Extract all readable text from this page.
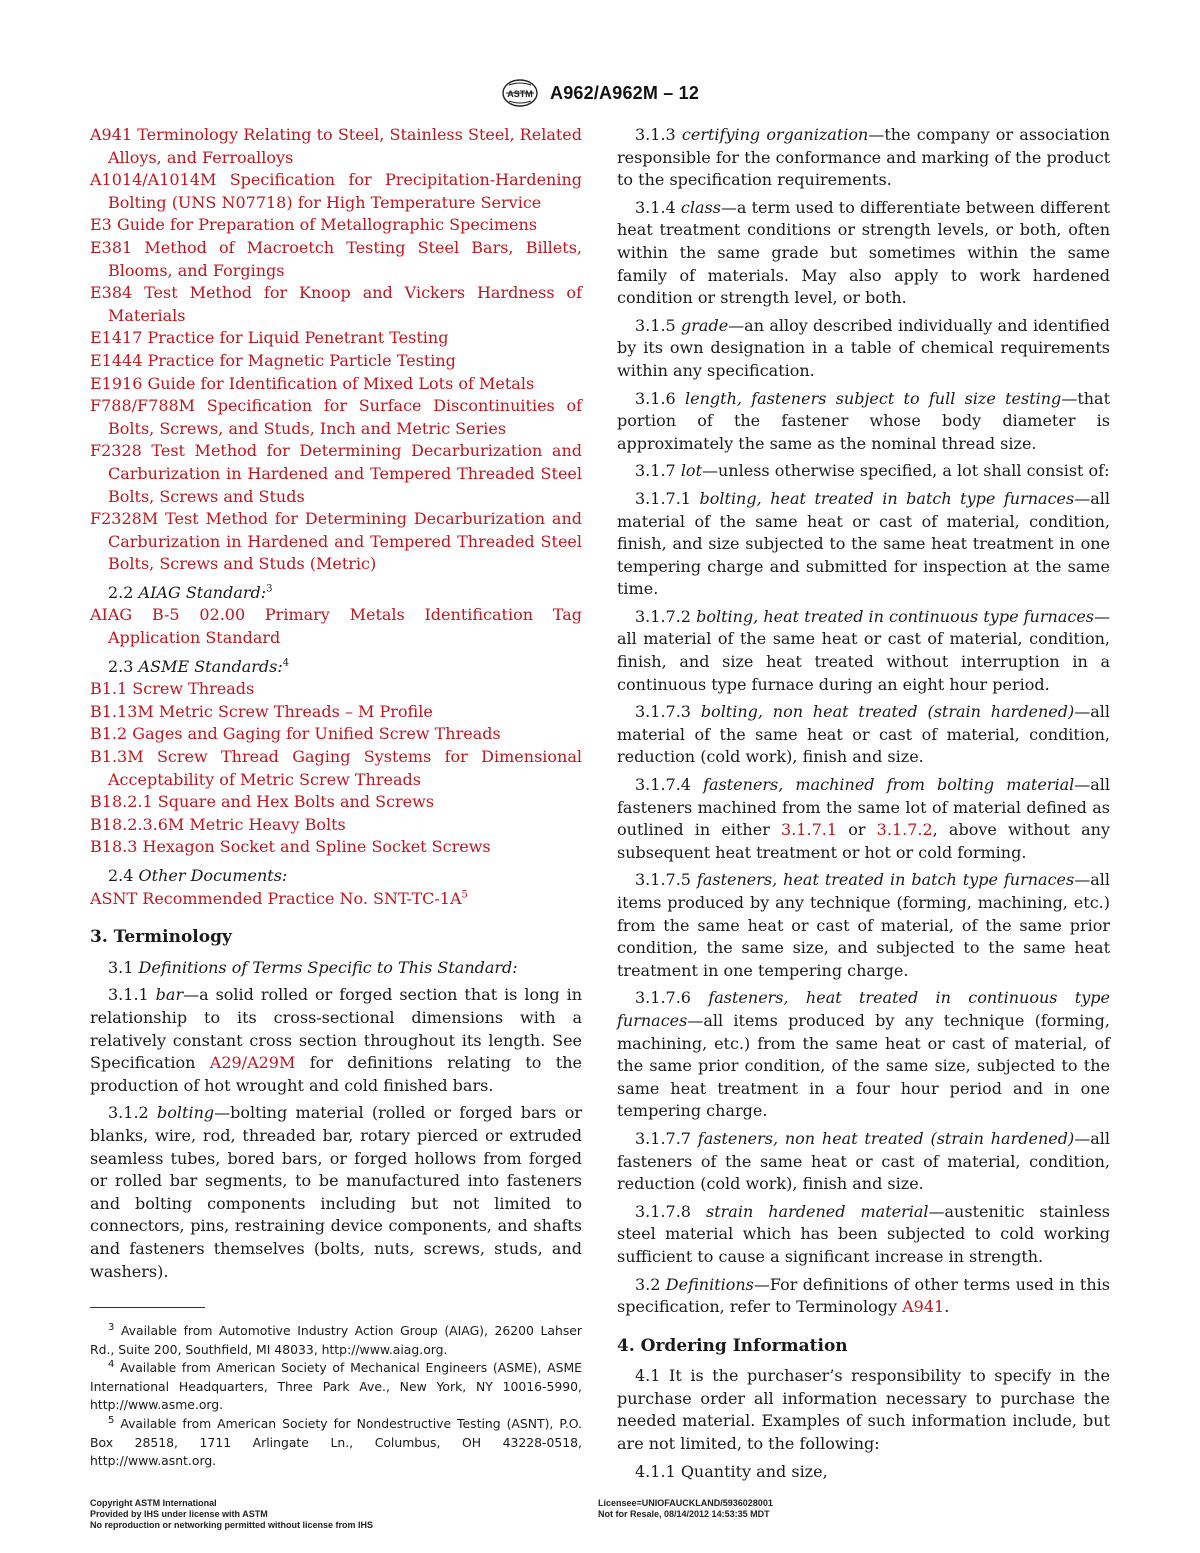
ASTM A962/A962M – 12
A941 Terminology Relating to Steel, Stainless Steel, Related Alloys, and Ferroalloys
A1014/A1014M Specification for Precipitation-Hardening Bolting (UNS N07718) for High Temperature Service
E3 Guide for Preparation of Metallographic Specimens
E381 Method of Macroetch Testing Steel Bars, Billets, Blooms, and Forgings
E384 Test Method for Knoop and Vickers Hardness of Materials
E1417 Practice for Liquid Penetrant Testing
E1444 Practice for Magnetic Particle Testing
E1916 Guide for Identification of Mixed Lots of Metals
F788/F788M Specification for Surface Discontinuities of Bolts, Screws, and Studs, Inch and Metric Series
F2328 Test Method for Determining Decarburization and Carburization in Hardened and Tempered Threaded Steel Bolts, Screws and Studs
F2328M Test Method for Determining Decarburization and Carburization in Hardened and Tempered Threaded Steel Bolts, Screws and Studs (Metric)
2.2 AIAG Standard:$^3$
AIAG B-5 02.00 Primary Metals Identification Tag Application Standard
2.3 ASME Standards:$^4$
B1.1 Screw Threads
B1.13M Metric Screw Threads – M Profile
B1.2 Gages and Gaging for Unified Screw Threads
B1.3M Screw Thread Gaging Systems for Dimensional Acceptability of Metric Screw Threads
B18.2.1 Square and Hex Bolts and Screws
B18.2.3.6M Metric Heavy Bolts
B18.3 Hexagon Socket and Spline Socket Screws
2.4 Other Documents:
ASNT Recommended Practice No. SNT-$TC-1A^5$
3. Terminology
3.1 Definitions of Terms Specific to This Standard:
3.1.1 bar—a solid rolled or forged section that is long in relationship to its cross-sectional dimensions with a relatively constant cross section throughout its length. See Specification A29/A29M for definitions relating to the production of hot wrought and cold finished bars.
3.1.2 bolting—bolting material (rolled or forged bars or blanks, wire, rod, threaded bar, rotary pierced or extruded seamless tubes, bored bars, or forged hollows from forged or rolled bar segments, to be manufactured into fasteners and bolting components including but not limited to connectors, pins, restraining device components, and shafts and fasteners themselves (bolts, nuts, screws, studs, and washers).
$^3$ Available from Automotive Industry Action Group (AIAG), 26200 Lahser Rd., Suite 200, Southfield, MI 48033, http://www.aiag.org.
$^4$ Available from American Society of Mechanical Engineers (ASME), ASME International Headquarters, Three Park Ave., New York, NY 10016-5990, http://www.asme.org.
$^5$ Available from American Society for Nondestructive Testing (ASNT), P.O. Box 28518, 1711 Arlingate Ln., Columbus, OH 43228-0518, http://www.asnt.org.
3.1.3 certifying organization—the company or association responsible for the conformance and marking of the product to the specification requirements.
3.1.4 class—a term used to differentiate between different heat treatment conditions or strength levels, or both, often within the same grade but sometimes within the same family of materials. May also apply to work hardened condition or strength level, or both.
3.1.5 grade—an alloy described individually and identified by its own designation in a table of chemical requirements within any specification.
3.1.6 length, fasteners subject to full size testing—that portion of the fastener whose body diameter is approximately the same as the nominal thread size.
3.1.7 lot—unless otherwise specified, a lot shall consist of:
3.1.7.1 bolting, heat treated in batch type furnaces—all material of the same heat or cast of material, condition, finish, and size subjected to the same heat treatment in one tempering charge and submitted for inspection at the same time.
3.1.7.2 bolting, heat treated in continuous type furnaces—all material of the same heat or cast of material, condition, finish, and size heat treated without interruption in a continuous type furnace during an eight hour period.
3.1.7.3 bolting, non heat treated (strain hardened)—all material of the same heat or cast of material, condition, reduction (cold work), finish and size.
3.1.7.4 fasteners, machined from bolting material—all fasteners machined from the same lot of material defined as outlined in either 3.1.7.1 or 3.1.7.2, above without any subsequent heat treatment or hot or cold forming.
3.1.7.5 fasteners, heat treated in batch type furnaces—all items produced by any technique (forming, machining, etc.) from the same heat or cast of material, of the same prior condition, the same size, and subjected to the same heat treatment in one tempering charge.
3.1.7.6 fasteners, heat treated in continuous type furnaces—all items produced by any technique (forming, machining, etc.) from the same heat or cast of material, of the same prior condition, of the same size, subjected to the same heat treatment in a four hour period and in one tempering charge.
3.1.7.7 fasteners, non heat treated (strain hardened)—all fasteners of the same heat or cast of material, condition, reduction (cold work), finish and size.
3.1.7.8 strain hardened material—austenitic stainless steel material which has been subjected to cold working sufficient to cause a significant increase in strength.
3.2 Definitions—For definitions of other terms used in this specification, refer to Terminology A941.
4. Ordering Information
4.1 It is the purchaser’s responsibility to specify in the purchase order all information necessary to purchase the needed material. Examples of such information include, but are not limited, to the following:
4.1.1 Quantity and size,
Copyright ASTM International
Provided by IHS under license with ASTM
No reproduction or networking permitted without license from IHS
Licensee=UNIOFAUCKLAND/5936028001
Not for Resale, 08/14/2012 14:53:35 MDT
